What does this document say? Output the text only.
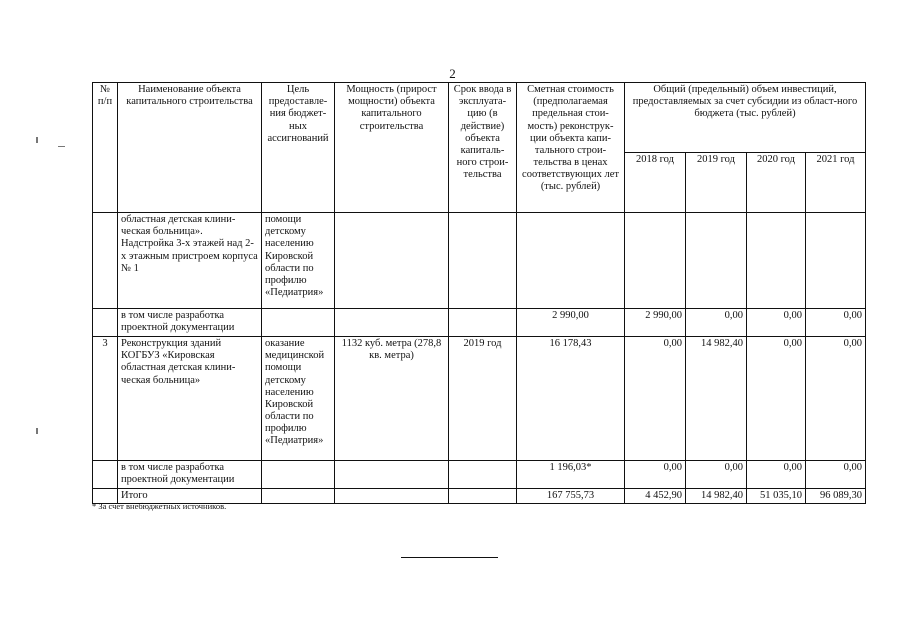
2
№ п/п	Наименование объекта капитального строительства	Цель предоставле-ния бюджет-ных ассигнований	Мощность (прирост мощности) объекта капитального строительства	Срок ввода в эксплуата-цию (в действие) объекта капиталь-ного строи-тельства	Сметная стоимость (предполагаемая предельная стои-мость) реконструк-ции объекта капи-тального строи-тельства в ценах соответствующих лет (тыс. рублей)	Общий (предельный) объем инвестиций, предоставляемых за счет субсидии из област-ного бюджета (тыс. рублей)			
						2018 год	2019 год	2020 год	2021 год
	областная детская клини-ческая больница». Надстройка 3-х этажей над 2-х этажным пристроем корпуса № 1	помощи детскому населению Кировской области по профилю «Педиатрия»							
	в том числе разработка проектной документации				2 990,00	2 990,00	0,00	0,00	0,00
3	Реконструкция зданий КОГБУЗ «Кировская областная детская клини-ческая больница»	оказание медицинской помощи детскому населению Кировской области по профилю «Педиатрия»	1132 куб. метра (278,8 кв. метра)	2019 год	16 178,43	0,00	14 982,40	0,00	0,00
	в том числе разработка проектной документации				1 196,03*	0,00	0,00	0,00	0,00
	Итого				167 755,73	4 452,90	14 982,40	51 035,10	96 089,30
* За счет внебюджетных источников.
